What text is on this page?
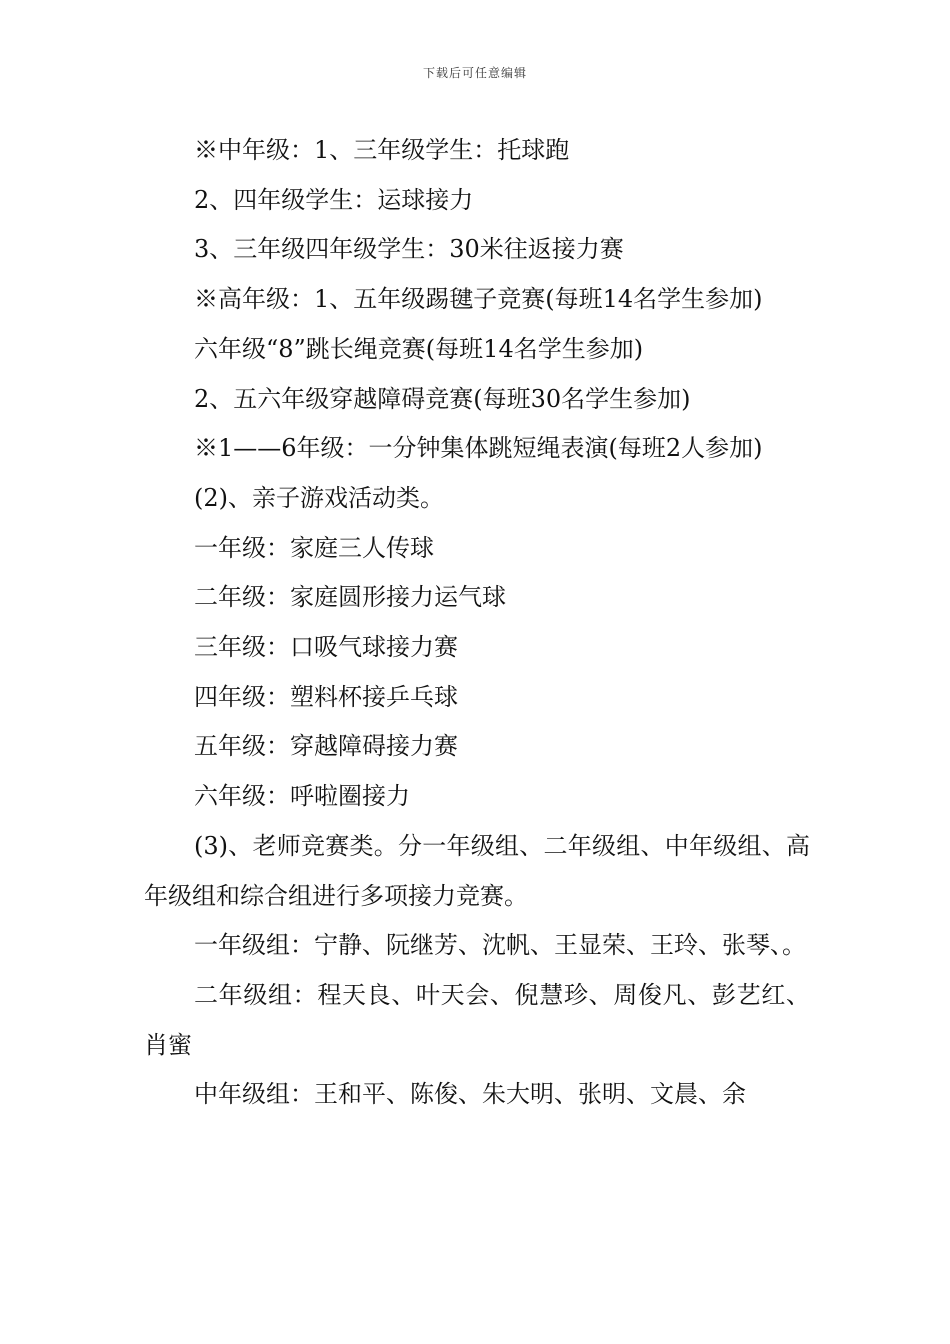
下载后可任意编辑

※中年级：1、三年级学生：托球跑

2、四年级学生：运球接力

3、三年级四年级学生：30米往返接力赛

※高年级：1、五年级踢毽子竞赛(每班14名学生参加)

六年级“8”跳长绳竞赛(每班14名学生参加)

2、五六年级穿越障碍竞赛(每班30名学生参加)

※1——6年级：一分钟集体跳短绳表演(每班2人参加)

(2)、亲子游戏活动类。

一年级：家庭三人传球

二年级：家庭圆形接力运气球

三年级：口吸气球接力赛

四年级：塑料杯接乒乓球

五年级：穿越障碍接力赛

六年级：呼啦圈接力

(3)、老师竞赛类。分一年级组、二年级组、中年级组、高年级组和综合组进行多项接力竞赛。

一年级组：宁静、阮继芳、沈帆、王显荣、王玲、张琴、。

二年级组：程天良、叶天会、倪慧珍、周俊凡、彭艺红、肖蜜

中年级组：王和平、陈俊、朱大明、张明、文晨、余
